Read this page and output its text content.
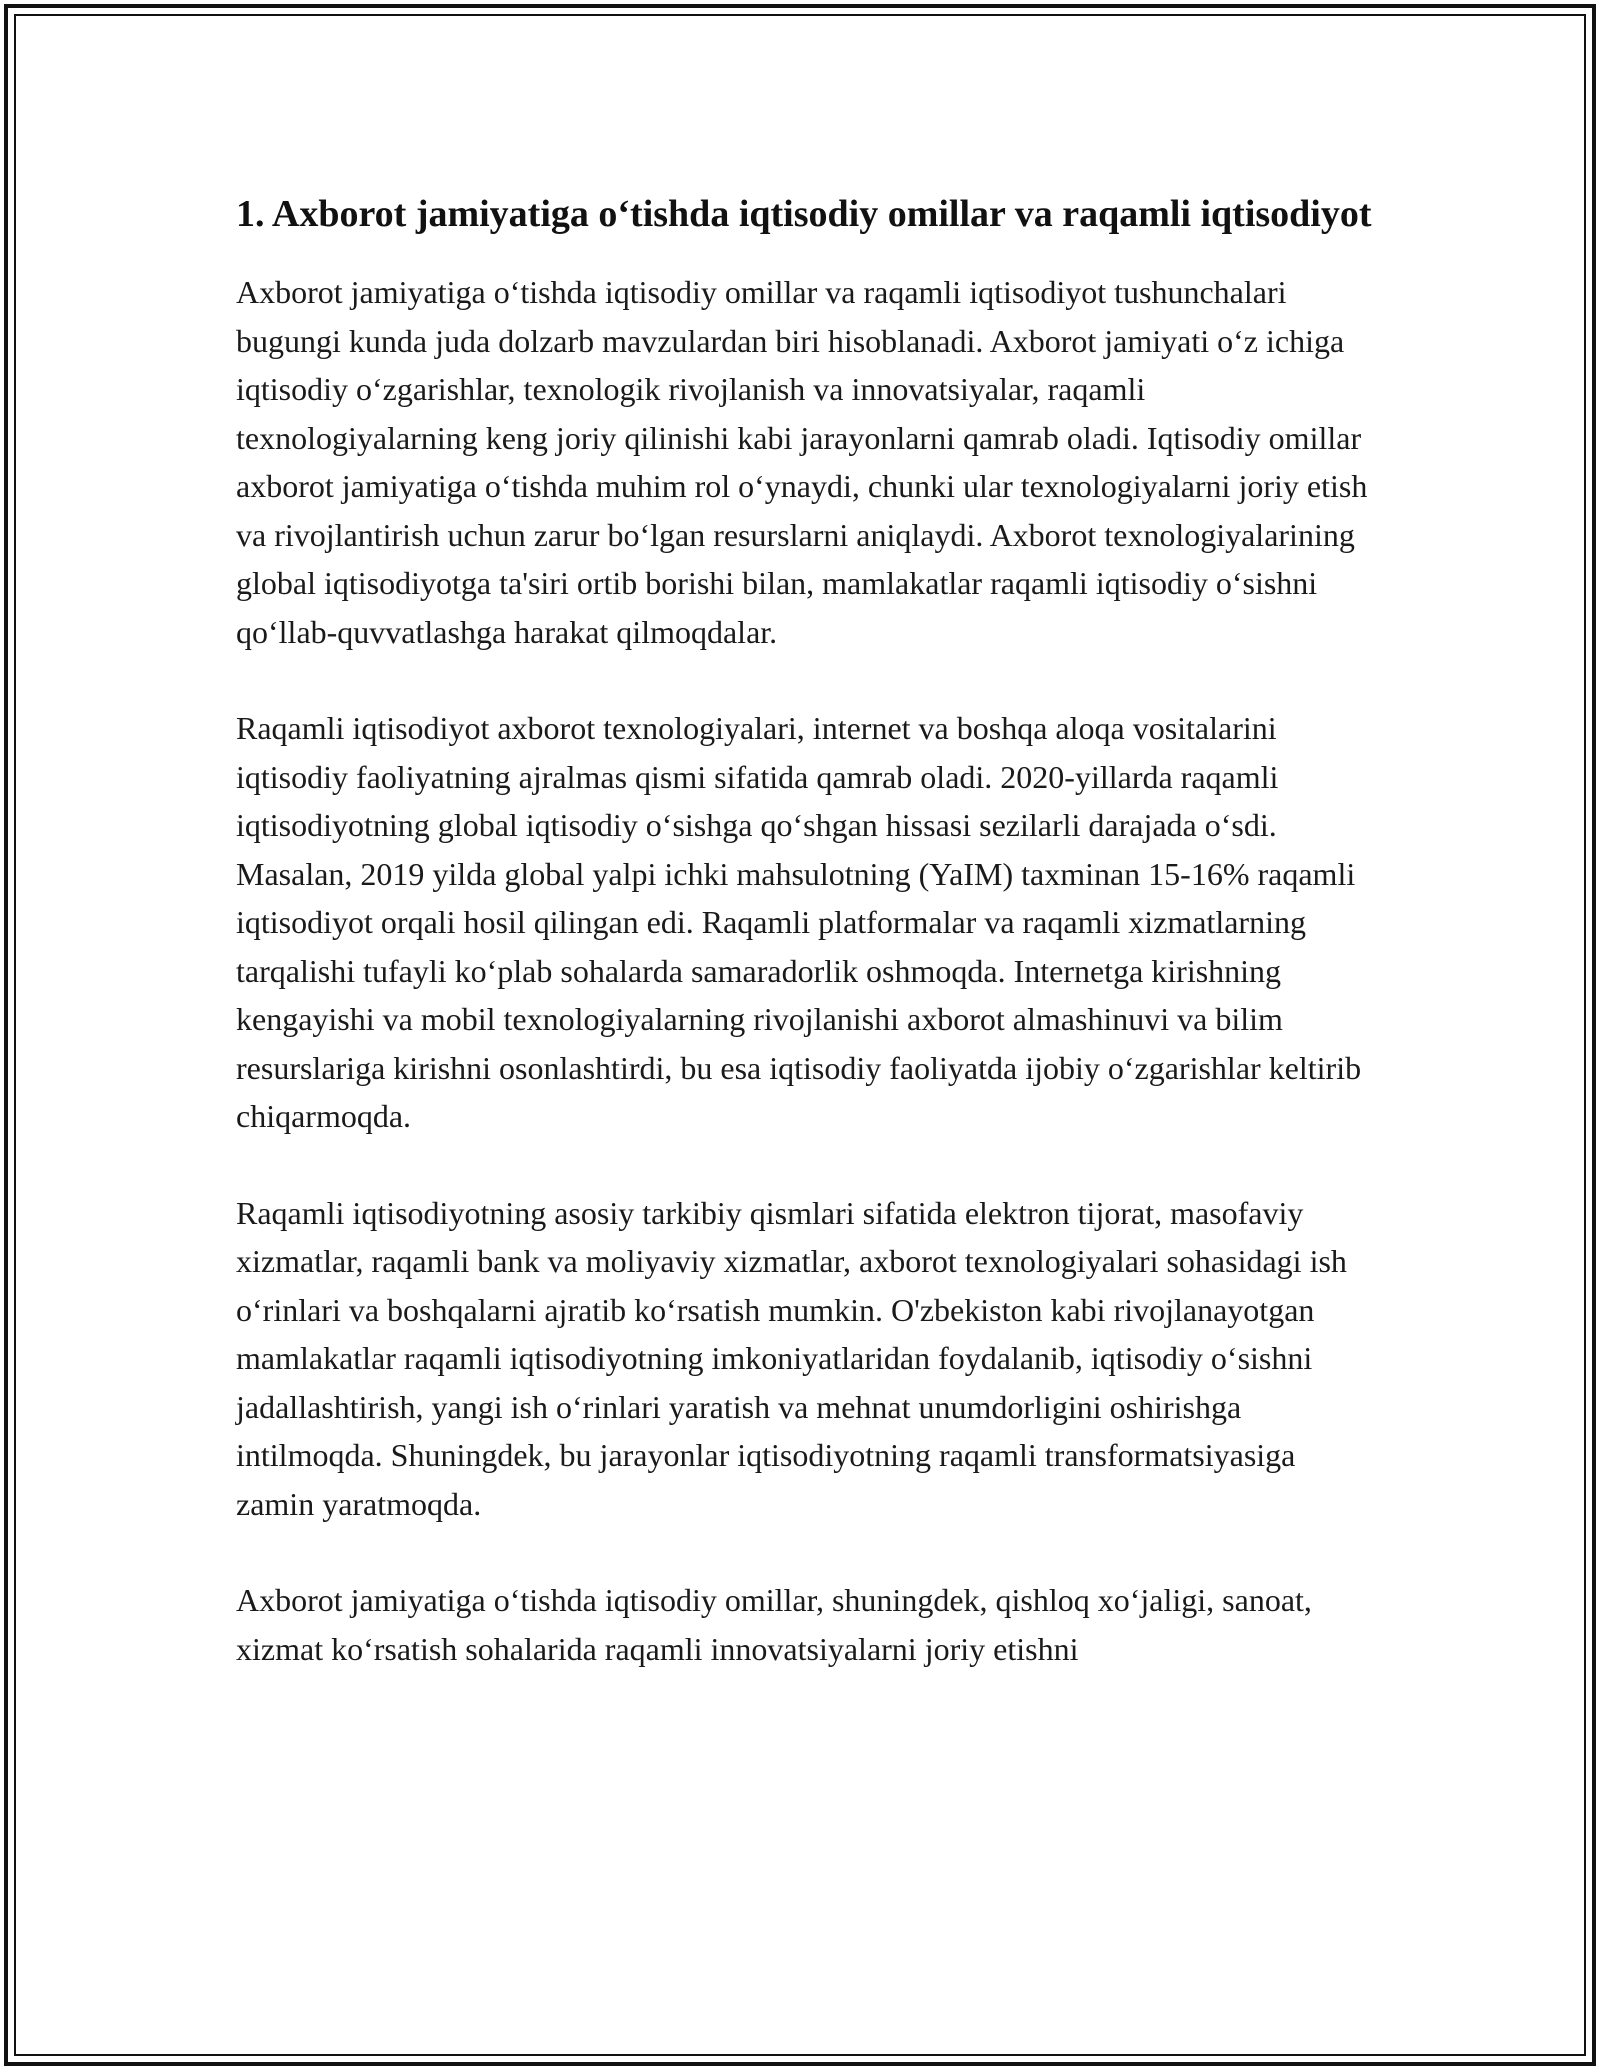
1. Axborot jamiyatiga o‘tishda iqtisodiy omillar va raqamli iqtisodiyot

Axborot jamiyatiga o‘tishda iqtisodiy omillar va raqamli iqtisodiyot tushunchalari bugungi kunda juda dolzarb mavzulardan biri hisoblanadi. Axborot jamiyati o‘z ichiga iqtisodiy o‘zgarishlar, texnologik rivojlanish va innovatsiyalar, raqamli texnologiyalarning keng joriy qilinishi kabi jarayonlarni qamrab oladi. Iqtisodiy omillar axborot jamiyatiga o‘tishda muhim rol o‘ynaydi, chunki ular texnologiyalarni joriy etish va rivojlantirish uchun zarur bo‘lgan resurslarni aniqlaydi. Axborot texnologiyalarining global iqtisodiyotga ta'siri ortib borishi bilan, mamlakatlar raqamli iqtisodiy o‘sishni qo‘llab-quvvatlashga harakat qilmoqdalar.

Raqamli iqtisodiyot axborot texnologiyalari, internet va boshqa aloqa vositalarini iqtisodiy faoliyatning ajralmas qismi sifatida qamrab oladi. 2020-yillarda raqamli iqtisodiyotning global iqtisodiy o‘sishga qo‘shgan hissasi sezilarli darajada o‘sdi. Masalan, 2019 yilda global yalpi ichki mahsulotning (YaIM) taxminan 15-16% raqamli iqtisodiyot orqali hosil qilingan edi. Raqamli platformalar va raqamli xizmatlarning tarqalishi tufayli ko‘plab sohalarda samaradorlik oshmoqda. Internetga kirishning kengayishi va mobil texnologiyalarning rivojlanishi axborot almashinuvi va bilim resurslariga kirishni osonlashtirdi, bu esa iqtisodiy faoliyatda ijobiy o‘zgarishlar keltirib chiqarmoqda.

Raqamli iqtisodiyotning asosiy tarkibiy qismlari sifatida elektron tijorat, masofaviy xizmatlar, raqamli bank va moliyaviy xizmatlar, axborot texnologiyalari sohasidagi ish o‘rinlari va boshqalarni ajratib ko‘rsatish mumkin. O'zbekiston kabi rivojlanayotgan mamlakatlar raqamli iqtisodiyotning imkoniyatlaridan foydalanib, iqtisodiy o‘sishni jadallashtirish, yangi ish o‘rinlari yaratish va mehnat unumdorligini oshirishga intilmoqda. Shuningdek, bu jarayonlar iqtisodiyotning raqamli transformatsiyasiga zamin yaratmoqda.

Axborot jamiyatiga o‘tishda iqtisodiy omillar, shuningdek, qishloq xo‘jaligi, sanoat, xizmat ko‘rsatish sohalarida raqamli innovatsiyalarni joriy etishni
